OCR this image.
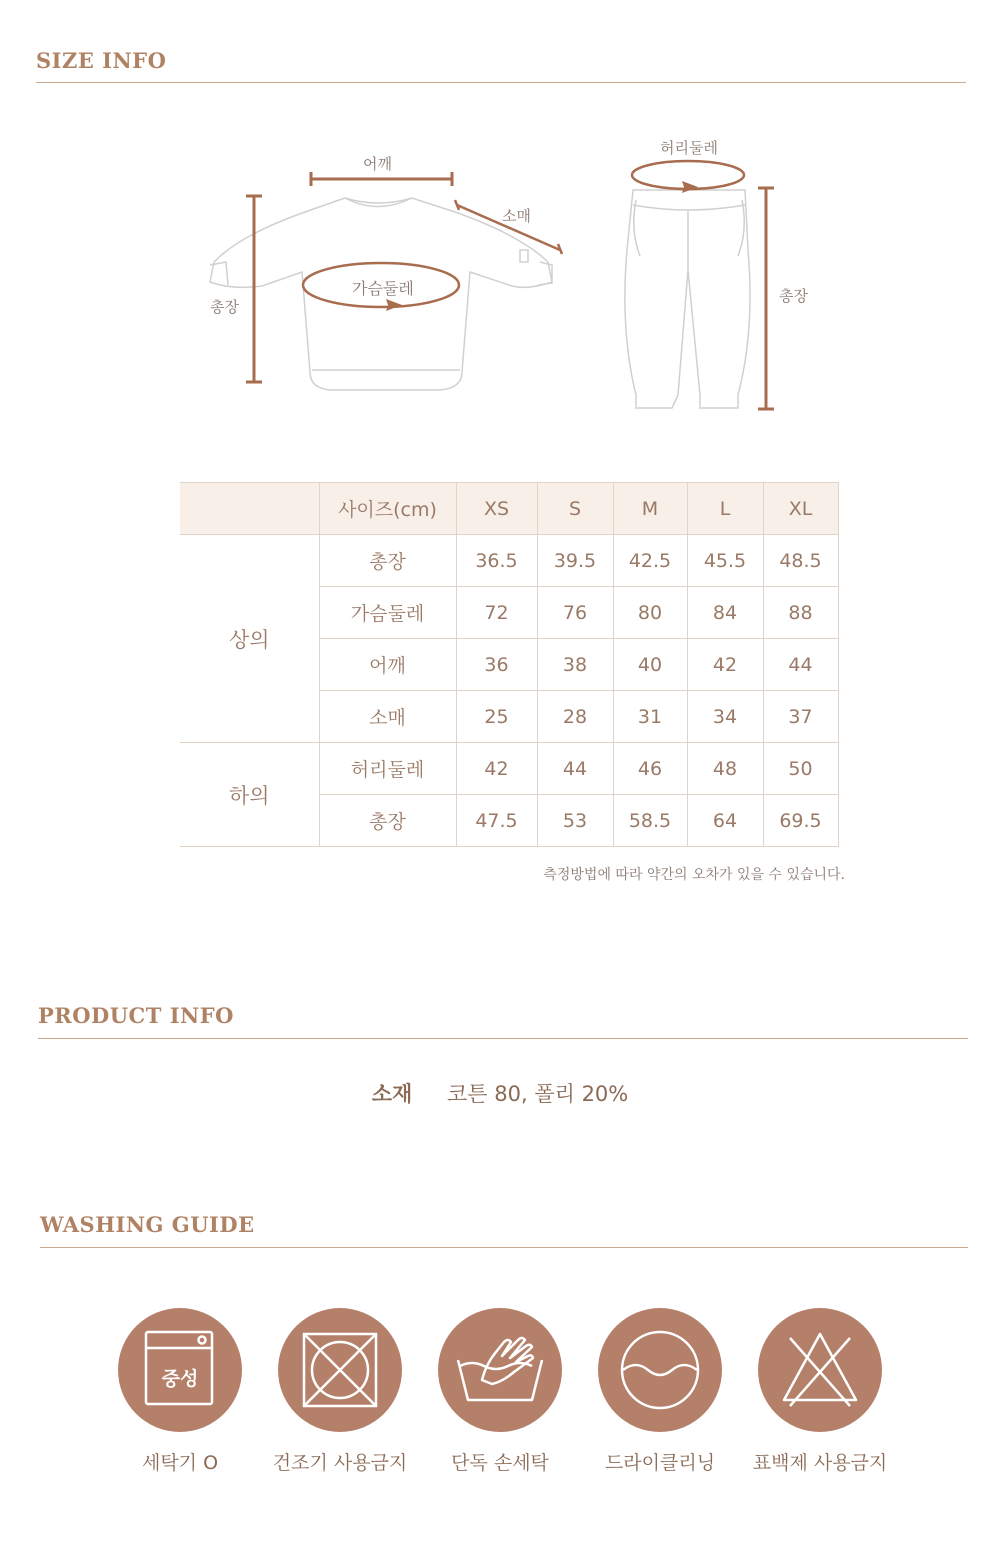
SIZE INFO
어깨
소매
가슴둘레
총장
허리둘레
총장
	사이즈(cm)	XS	S	M	L	XL
상의	총장	36.5	39.5	42.5	45.5	48.5
	가슴둘레	72	76	80	84	88
	어깨	36	38	40	42	44
	소매	25	28	31	34	37
하의	허리둘레	42	44	46	48	50
	총장	47.5	53	58.5	64	69.5
측정방법에 따라 약간의 오차가 있을 수 있습니다.
PRODUCT INFO
소재 코튼 80, 폴리 20%
WASHING GUIDE
중성
세탁기 O	건조기 사용금지	단독 손세탁	드라이클리닝	표백제 사용금지
